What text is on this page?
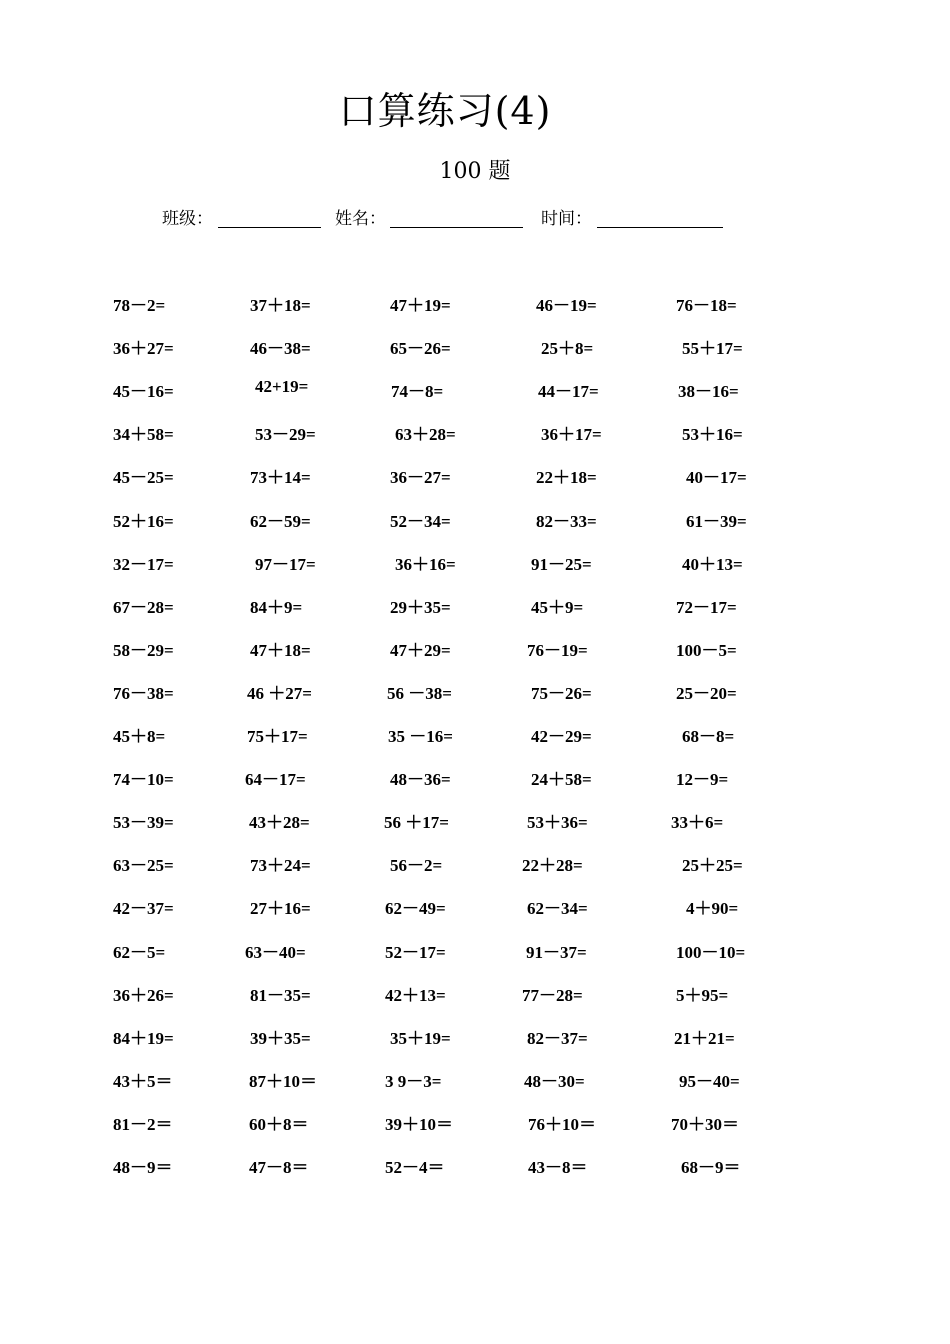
口算练习(4)
100 题
班级：	姓名：	时间：
78－2=	37＋18=	47＋19=	46－19=	76－18=
36＋27=	46－38=	65－26=	25＋8=	55＋17=
45－16=	42+19=	74－8=	44－17=	38－16=
34＋58=	53－29=	63＋28=	36＋17=	53＋16=
45－25=	73＋14=	36－27=	22＋18=	40－17=
52＋16=	62－59=	52－34=	82－33=	61－39=
32－17=	97－17=	36＋16=	91－25=	40＋13=
67－28=	84＋9=	29＋35=	45＋9=	72－17=
58－29=	47＋18=	47＋29=	76－19=	100－5=
76－38=	46 ＋27=	56 －38=	75－26=	25－20=
45＋8=	75＋17=	35 －16=	42－29=	68－8=
74－10=	64－17=	48－36=	24＋58=	12－9=
53－39=	43＋28=	56 ＋17=	53＋36=	33＋6=
63－25=	73＋24=	56－2=	22＋28=	25＋25=
42－37=	27＋16=	62－49=	62－34=	4＋90=
62－5=	63－40=	52－17=	91－37=	100－10=
36＋26=	81－35=	42＋13=	77－28=	5＋95=
84＋19=	39＋35=	35＋19=	82－37=	21＋21=
43＋5＝	87＋10＝	3 9－3=	48－30=	95－40=
81－2＝	60＋8＝	39＋10＝	76＋10＝	70＋30＝
48－9＝	47－8＝	52－4＝	43－8＝	68－9＝
